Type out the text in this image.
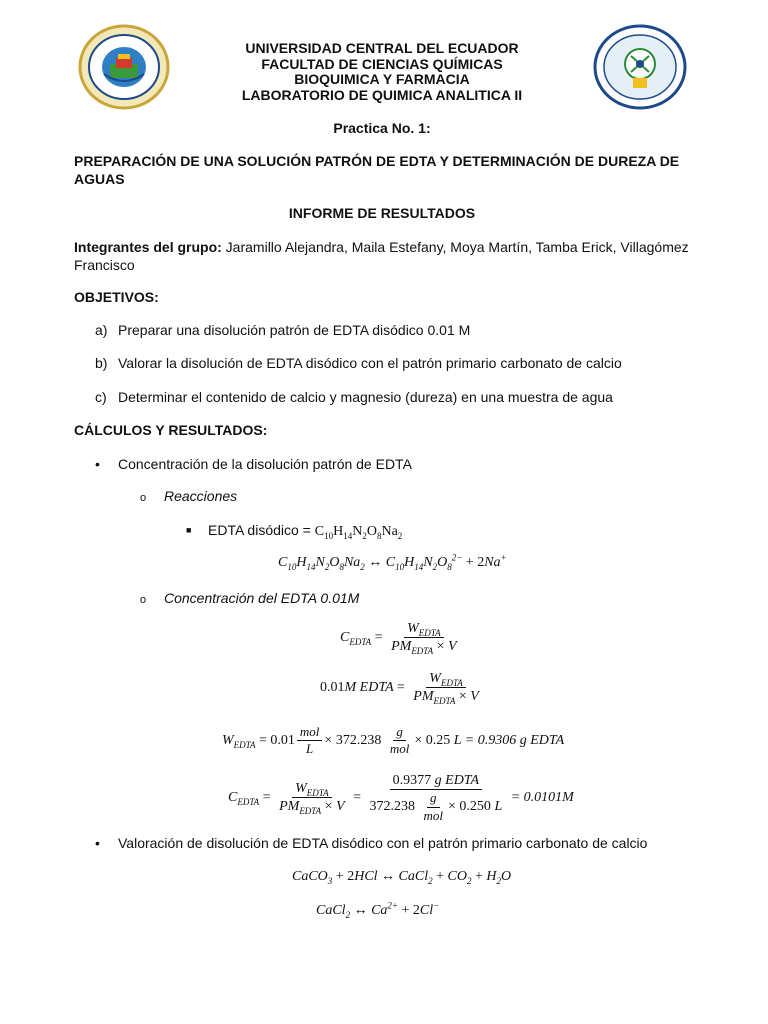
UNIVERSIDAD CENTRAL DEL ECUADOR
FACULTAD DE CIENCIAS QUÍMICAS
BIOQUIMICA Y FARMACIA
LABORATORIO DE QUIMICA ANALITICA II
Practica No. 1:
PREPARACIÓN DE UNA SOLUCIÓN PATRÓN DE EDTA Y DETERMINACIÓN DE DUREZA DE AGUAS
INFORME DE RESULTADOS
Integrantes del grupo: Jaramillo Alejandra, Maila Estefany, Moya Martín, Tamba Erick, Villagómez Francisco
OBJETIVOS:
a) Preparar una disolución patrón de EDTA disódico 0.01 M
b) Valorar la disolución de EDTA disódico con el patrón primario carbonato de calcio
c) Determinar el contenido de calcio y magnesio (dureza) en una muestra de agua
CÁLCULOS Y RESULTADOS:
• Concentración de la disolución patrón de EDTA
o Reacciones
■ EDTA disódico = $C_{10}H_{14}N_2O_8Na_2$
$C_{10}H_{14}N_2O_8Na_2$ ↔ $C_{10}H_{14}N_2O_8^{2-} + 2Na^+$
o Concentración del EDTA 0.01M
$C_{EDTA} = \frac{W_{EDTA}}{PM_{EDTA} \times V}$
0.01M EDTA = $\frac{W_{EDTA}}{PM_{EDTA} \times V}$
$W_{EDTA} = 0.01 \frac{\text{mol}}{L} \times 372.238 \frac{g}{\text{mol}} \times 0.25$ L = 0.9306 g EDTA
$C_{EDTA} = \frac{W_{EDTA}}{PM_{EDTA} \times V} = \frac{\text{0.9377 g EDTA}}{372.238 \frac{g}{\text{mol}} \times 0.250 L} = 0.0101M$
• Valoración de disolución de EDTA disódico con el patrón primario carbonato de calcio
CaCO$_3$ + 2HCl ↔ CaCl$_2$ + $CO_2 + H_2O$
CaCl$_2$ ↔ $Ca^{2+} + 2Cl^-$
